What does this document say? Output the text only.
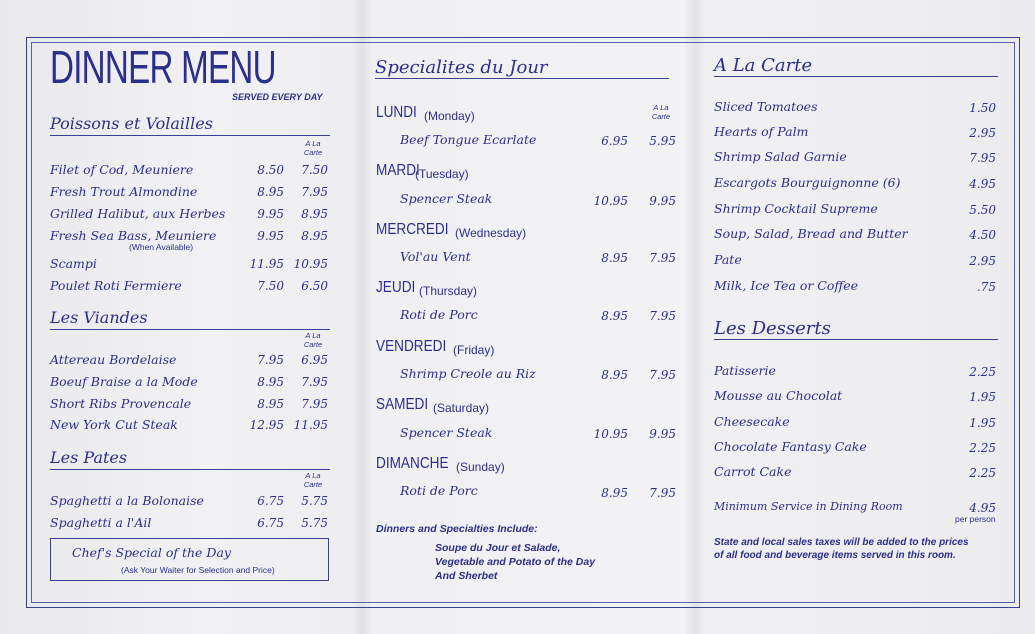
DINNER MENU
SERVED EVERY DAY
Poissons et Volailles
A La
Carte
Filet of Cod, Meuniere	8.50	7.50
Fresh Trout Almondine	8.95	7.95
Grilled Halibut, aux Herbes	9.95	8.95
Fresh Sea Bass, Meuniere	9.95	8.95
(When Available)
Scampi	11.95 10.95
Poulet Roti Fermiere	7.50	6.50
Les Viandes
A La
Carte
Attereau Bordelaise	7.95	6.95
Boeuf Braise a la Mode	8.95	7.95
Short Ribs Provencale	8.95	7.95
New York Cut Steak	12.95 11.95
Les Pates
A La
Carte
Spaghetti a la Bolonaise	6.75	5.75
Spaghetti a l'Ail	6.75	5.75
Chef's Special of the Day
(Ask Your Waiter for Selection and Price)
Specialites du Jour
A La
Carte
LUNDI (Monday)
Beef Tongue Ecarlate	6.95	5.95
MARDI
(Tuesday)
Spencer Steak	10.95	9.95
MERCREDI (Wednesday)
Vol'au Vent	8.95	7.95
JEUDI (Thursday)
Roti de Porc	8.95	7.95
VENDREDI (Friday)
Shrimp Creole au Riz	8.95	7.95
SAMEDI (Saturday)
Spencer Steak	10.95	9.95
DIMANCHE (Sunday)
Roti de Porc	8.95	7.95
Dinners and Specialties Include:
Soupe du Jour et Salade,
Vegetable and Potato of the Day
And Sherbet
A La Carte
Sliced Tomatoes	1.50
Hearts of Palm	2.95
Shrimp Salad Garnie	7.95
Escargots Bourguignonne (6)	4.95
Shrimp Cocktail Supreme	5.50
Soup, Salad, Bread and Butter	4.50
Pate	2.95
Milk, Ice Tea or Coffee	.75
Les Desserts
Patisserie	2.25
Mousse au Chocolat	1.95
Cheesecake	1.95
Chocolate Fantasy Cake	2.25
Carrot Cake	2.25
Minimum Service in Dining Room	4.95
per person
State and local sales taxes will be added to the prices of all food and beverage items served in this room.
